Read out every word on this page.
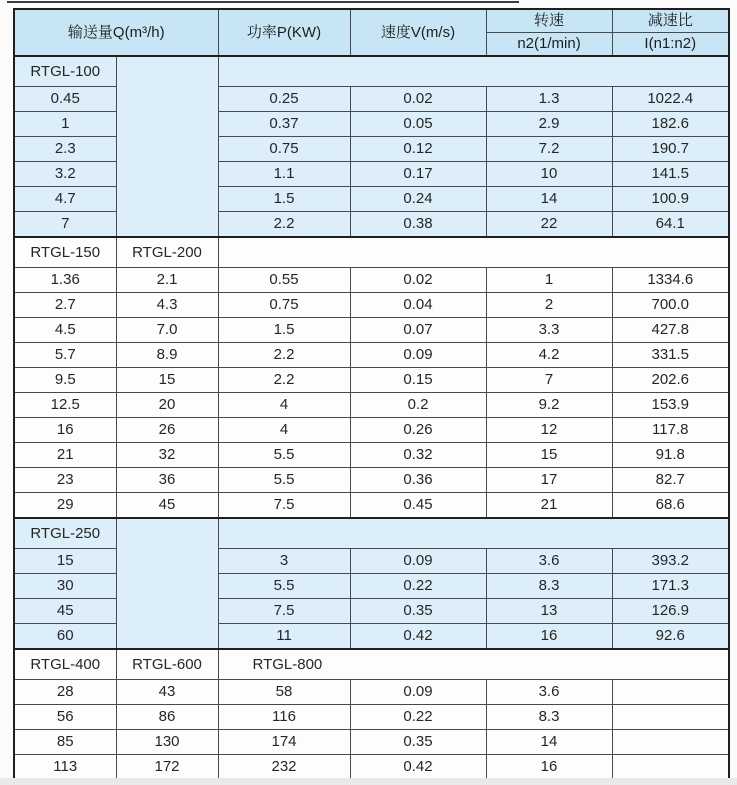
输送量Q(m³/h)		功率P(KW)	速度V(m/s)	转速	减速比
				n2(1/min)	I(n1:n2)
RTGL-100					
0.45		0.25	0.02	1.3	1022.4
1		0.37	0.05	2.9	182.6
2.3		0.75	0.12	7.2	190.7
3.2		1.1	0.17	10	141.5
4.7		1.5	0.24	14	100.9
7		2.2	0.38	22	64.1
RTGL-150	RTGL-200				
1.36	2.1	0.55	0.02	1	1334.6
2.7	4.3	0.75	0.04	2	700.0
4.5	7.0	1.5	0.07	3.3	427.8
5.7	8.9	2.2	0.09	4.2	331.5
9.5	15	2.2	0.15	7	202.6
12.5	20	4	0.2	9.2	153.9
16	26	4	0.26	12	117.8
21	32	5.5	0.32	15	91.8
23	36	5.5	0.36	17	82.7
29	45	7.5	0.45	21	68.6
RTGL-250					
15		3	0.09	3.6	393.2
30		5.5	0.22	8.3	171.3
45		7.5	0.35	13	126.9
60		11	0.42	16	92.6
RTGL-400	RTGL-600	RTGL-800			
28	43	58	0.09	3.6	
56	86	116	0.22	8.3	
85	130	174	0.35	14	
113	172	232	0.42	16	
